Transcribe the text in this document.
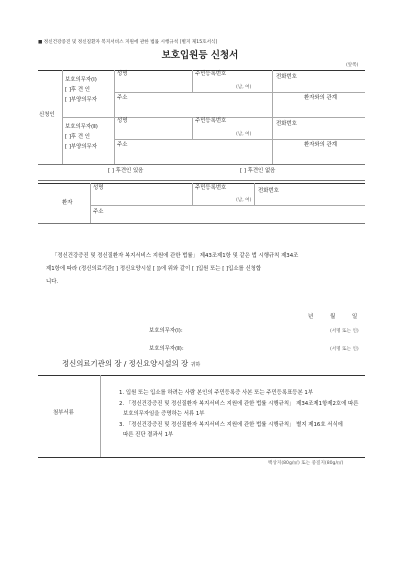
■ 정신건강증진 및 정신질환자 복지서비스 지원에 관한 법률 시행규칙 [별지 제15호서식]
보호입원등 신청서
(앞쪽)
신청인
보호의무자(Ⅰ)
[ ]후 견 인
[ ]부양의무자
성명	주민등록번호
(남, 여)
전화번호
주소	환자와의 관계
보호의무자(Ⅱ)
[ ]후 견 인
[ ]부양의무자
성명	주민등록번호
(남, 여)
전화번호
주소	환자와의 관계
[ ] 후견인 있음	[ ] 후견인 없음
환자
성명	주민등록번호
(남, 여)
전화번호
주소
「정신건강증진 및 정신질환자 복지서비스 지원에 관한 법률」 제43조제1항 및 같은 법 시행규칙 제34조
제1항에 따라 (정신의료기관[ ] 정신요양시설 [ ])에 위와 같이 [ ]입원 또는 [ ]입소를 신청합
니다.
년	월	일
보호의무자(Ⅰ):	(서명 또는 인)
보호의무자(Ⅱ):	(서명 또는 인)
정신의료기관의 장 / 정신요양시설의 장 귀하
첨부서류
1. 입원 또는 입소를 하려는 사람 본인의 주민등록증 사본 또는 주민등록표등본 1부
2. 「정신건강증진 및 정신질환자 복지서비스 지원에 관한 법률 시행규칙」 제34조제1항제2호에 따른
보호의무자임을 증명하는 서류 1부
3. 「정신건강증진 및 정신질환자 복지서비스 지원에 관한 법률 시행규칙」 별지 제16호 서식에
따른 진단 결과서 1부
백상지(80g/㎡) 또는 중질지(80g/㎡)
